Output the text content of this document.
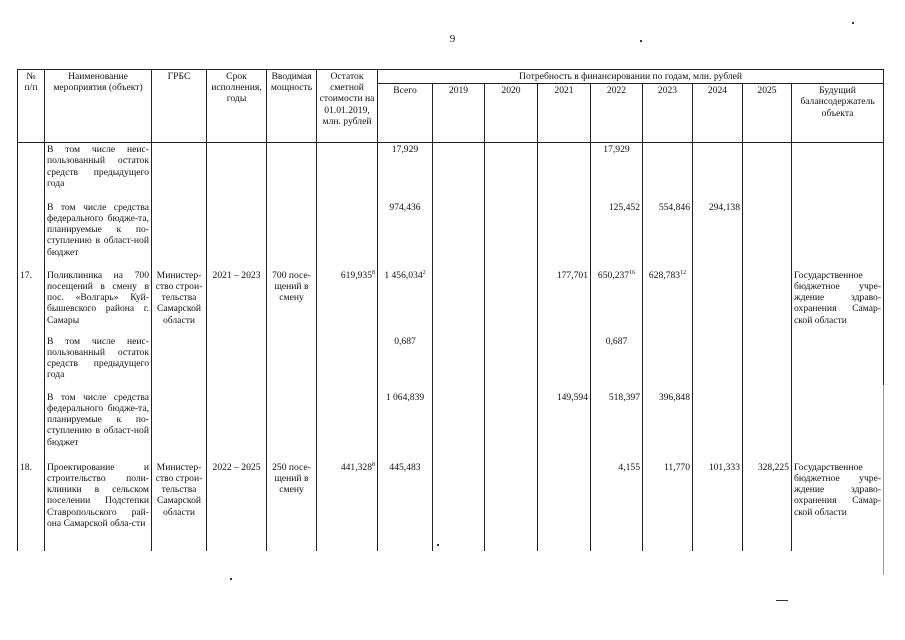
9
№
п/п	Наименование мероприятия (объект)	ГРБС	Срок исполнения, годы	Вводимая мощность	Остаток сметной стоимости на 01.01.2019, млн. рублей	Потребность в финансировании по годам, млн. рублей								
						Всего	2019	2020	2021	2022	2023	2024	2025	Будущий балансодержатель объекта
	В том числе неис-пользованный остаток средств предыдущего года					17,929				17,929				
	В том числе средства федерального бюдже-та, планируемые к по-ступлению в област-ной бюджет					974,436				125,452	554,846	294,138		
17.	Поликлиника на 700 посещений в смену в пос. «Волгарь» Куй-бышевского района г. Самары	Министер-ство строи-тельства Самарской области	2021 – 2023	700 посе-щений в смену	619,935$^8$	1 456,034$^2$			177,701	650,237$^{16}$	628,783$^{12}$			Государственное бюджетное учре-ждение здраво-охранения Самар-ской области
	В том числе неис-пользованный остаток средств предыдущего года					0,687				0,687				
	В том числе средства федерального бюдже-та, планируемые к по-ступлению в област-ной бюджет					1 064,839			149,594	518,397	396,848			
18.	Проектирование и строительство поли-клиники в сельском поселении Подстепки Ставропольского рай-она Самарской обла-сти	Министер-ство строи-тельства Самарской области	2022 – 2025	250 посе-щений в смену	441,328$^8$	445,483				4,155	11,770	101,333	328,225	Государственное бюджетное учре-ждение здраво-охранения Самар-ской области
